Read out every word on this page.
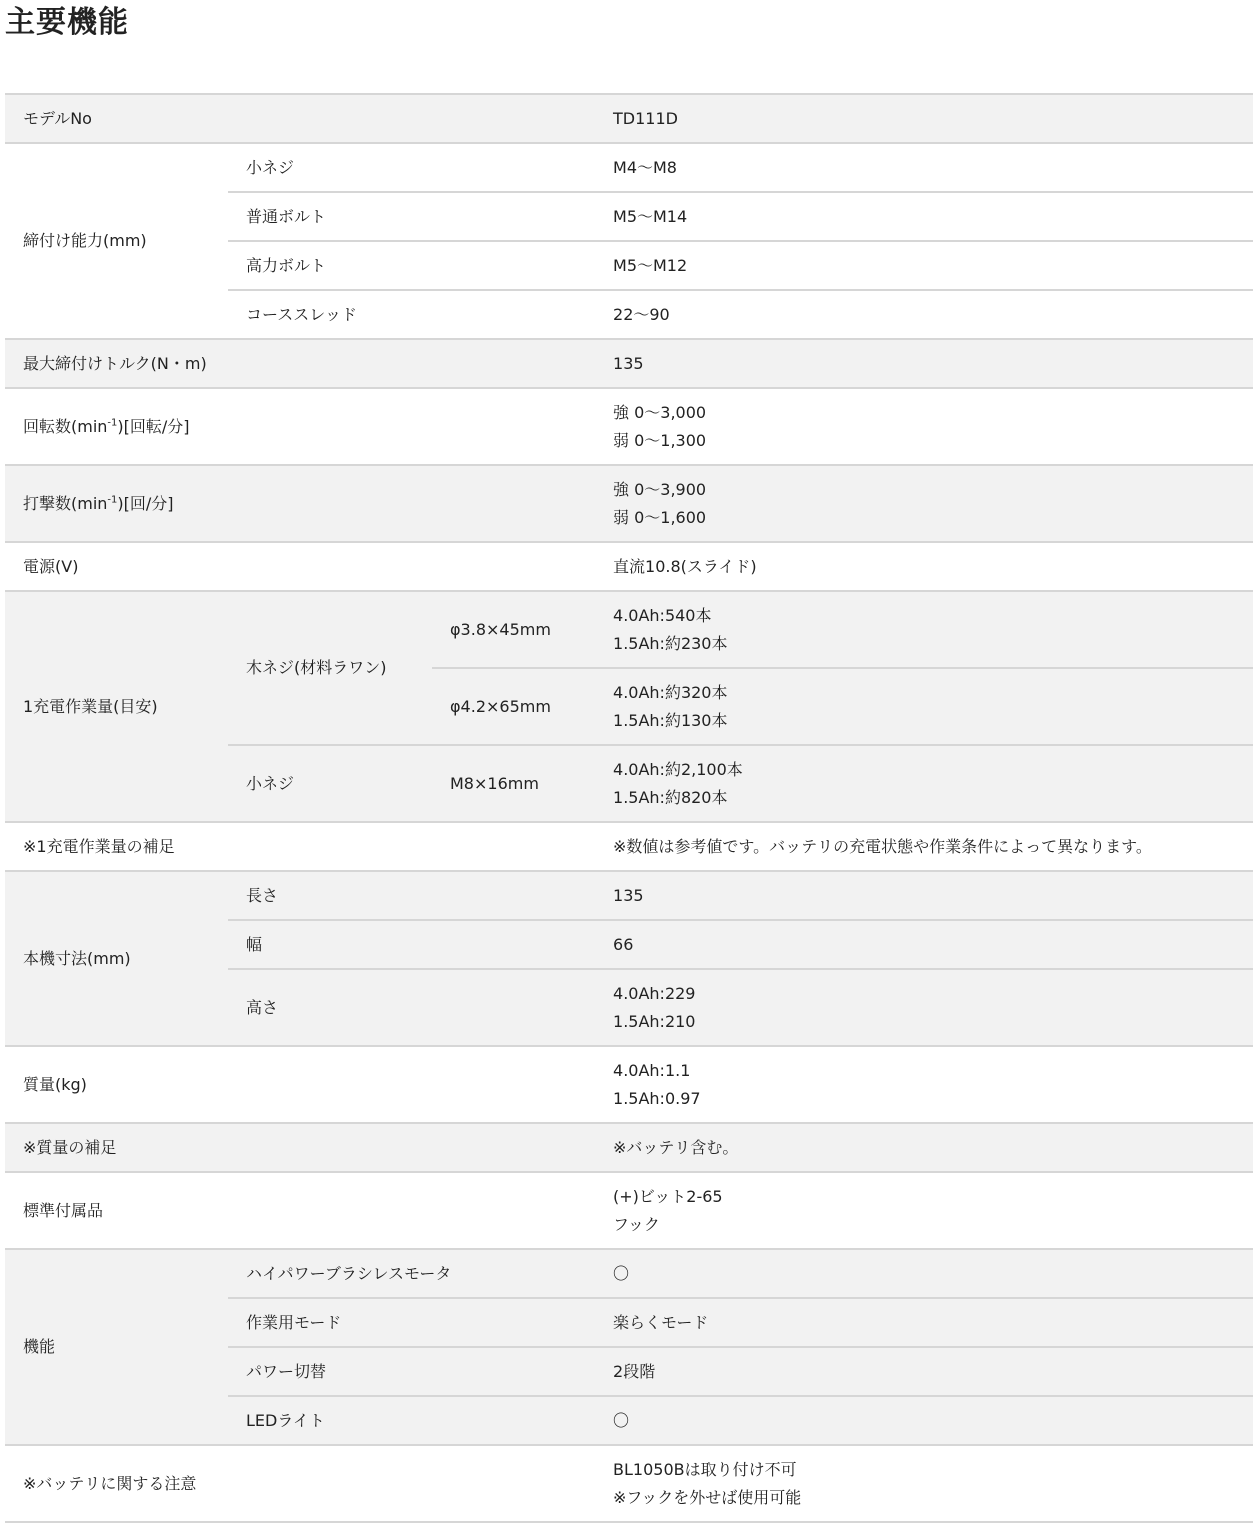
主要機能
モデルNo			TD111D
締付け能力(mm)	小ネジ		M4〜M8
	普通ボルト		M5〜M14
	高力ボルト		M5〜M12
	コーススレッド		22〜90
最大締付けトルク(N・m)			135
回転数$(\min^{-1})$[回転/分]			強 0〜3,000
弱 0〜1,300

打撃数$(\min^{-1})$[回/分]			強 0〜3,900
弱 0〜1,600

電源(V)			直流10.8(スライド)
1充電作業量(目安)	木ネジ(材料ラワン)	φ3.8×45mm	4.0Ah:540本
1.5Ah:約230本

		φ4.2×65mm	4.0Ah:約320本
1.5Ah:約130本

	小ネジ	M8×16mm	4.0Ah:約2,100本
1.5Ah:約820本

※1充電作業量の補足			※数値は参考値です。バッテリの充電状態や作業条件によって異なります。
本機寸法(mm)	長さ		135
	幅		66
	高さ		4.0Ah:229
1.5Ah:210

質量(kg)			4.0Ah:1.1
1.5Ah:0.97

※質量の補足			※バッテリ含む。
標準付属品			(+)ビット2-65
フック

機能	ハイパワーブラシレスモータ		〇
	作業用モード		楽らくモード
	パワー切替		2段階
	LEDライト		〇
※バッテリに関する注意			BL1050Bは取り付け不可
※フックを外せば使用可能
